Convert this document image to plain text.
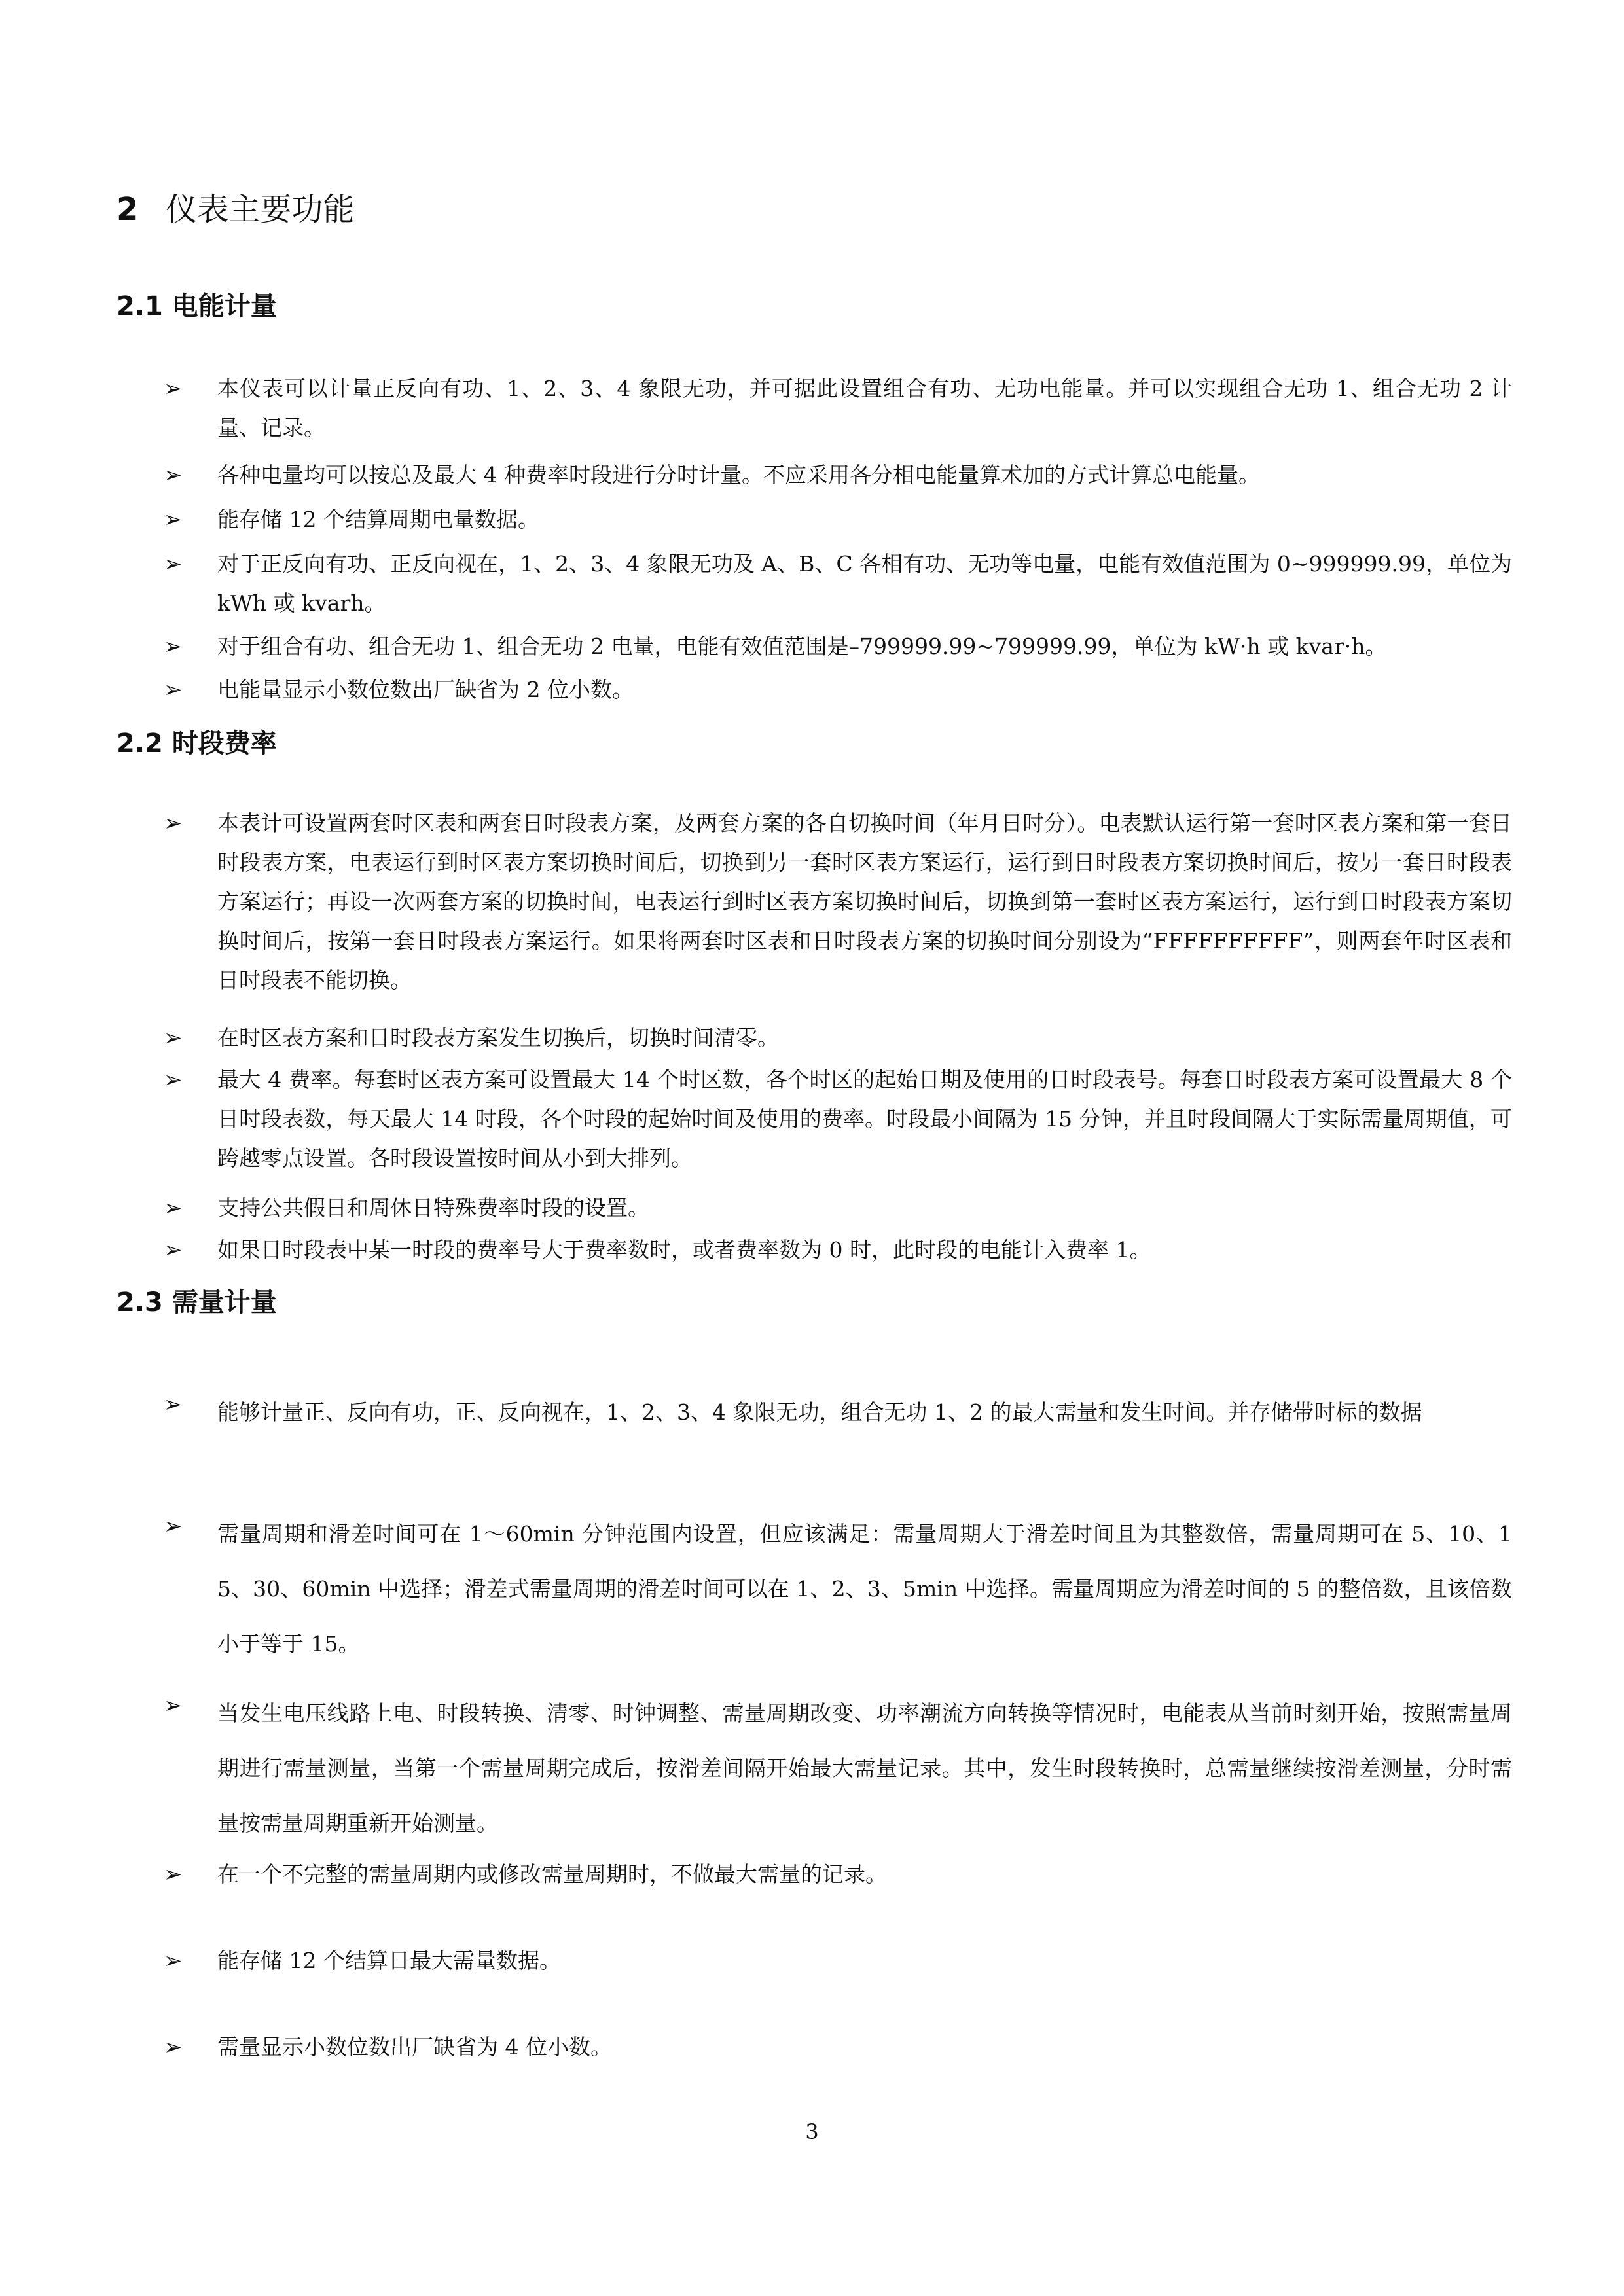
2 仪表主要功能
2.1 电能计量
➢	本仪表可以计量正反向有功、1、2、3、4 象限无功，并可据此设置组合有功、无功电能量。并可以实现组合无功 1、组合无功 2 计量、记录。
➢	各种电量均可以按总及最大 4 种费率时段进行分时计量。不应采用各分相电能量算术加的方式计算总电能量。
➢	能存储 12 个结算周期电量数据。
➢	对于正反向有功、正反向视在，1、2、3、4 象限无功及 A、B、C 各相有功、无功等电量，电能有效值范围为 0~999999.99，单位为 kWh 或 kvarh。
➢	对于组合有功、组合无功 1、组合无功 2 电量，电能有效值范围是–799999.99~799999.99，单位为 kW·h 或 kvar·h。
➢	电能量显示小数位数出厂缺省为 2 位小数。
2.2 时段费率
➢	本表计可设置两套时区表和两套日时段表方案，及两套方案的各自切换时间（年月日时分）。电表默认运行第一套时区表方案和第一套日时段表方案，电表运行到时区表方案切换时间后，切换到另一套时区表方案运行，运行到日时段表方案切换时间后，按另一套日时段表方案运行；再设一次两套方案的切换时间，电表运行到时区表方案切换时间后，切换到第一套时区表方案运行，运行到日时段表方案切换时间后，按第一套日时段表方案运行。如果将两套时区表和日时段表方案的切换时间分别设为“FFFFFFFFFF”，则两套年时区表和日时段表不能切换。
➢	在时区表方案和日时段表方案发生切换后，切换时间清零。
➢	最大 4 费率。每套时区表方案可设置最大 14 个时区数，各个时区的起始日期及使用的日时段表号。每套日时段表方案可设置最大 8 个日时段表数，每天最大 14 时段，各个时段的起始时间及使用的费率。时段最小间隔为 15 分钟，并且时段间隔大于实际需量周期值，可跨越零点设置。各时段设置按时间从小到大排列。
➢	支持公共假日和周休日特殊费率时段的设置。
➢	如果日时段表中某一时段的费率号大于费率数时，或者费率数为 0 时，此时段的电能计入费率 1。
2.3 需量计量
➢	能够计量正、反向有功，正、反向视在，1、2、3、4 象限无功，组合无功 1、2 的最大需量和发生时间。并存储带时标的数据
➢	需量周期和滑差时间可在 1～60min 分钟范围内设置，但应该满足：需量周期大于滑差时间且为其整数倍，需量周期可在 5、10、15、30、60min 中选择；滑差式需量周期的滑差时间可以在 1、2、3、5min 中选择。需量周期应为滑差时间的 5 的整倍数，且该倍数小于等于 15。
➢	当发生电压线路上电、时段转换、清零、时钟调整、需量周期改变、功率潮流方向转换等情况时，电能表从当前时刻开始，按照需量周期进行需量测量，当第一个需量周期完成后，按滑差间隔开始最大需量记录。其中，发生时段转换时，总需量继续按滑差测量，分时需量按需量周期重新开始测量。
➢	在一个不完整的需量周期内或修改需量周期时，不做最大需量的记录。
➢	能存储 12 个结算日最大需量数据。
➢	需量显示小数位数出厂缺省为 4 位小数。
3
